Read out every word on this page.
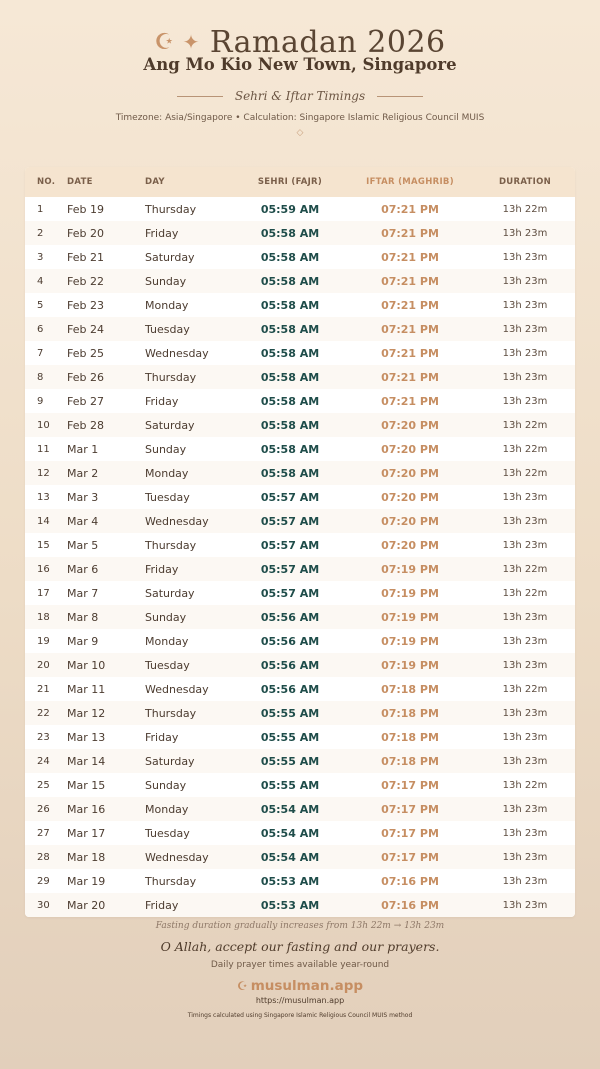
☪ ✦ Ramadan 2026
Ang Mo Kio New Town, Singapore
Sehri & Iftar Timings
Timezone: Asia/Singapore • Calculation: Singapore Islamic Religious Council MUIS
◇
NO.	DATE	DAY	SEHRI (FAJR)	IFTAR (MAGHRIB)	DURATION
1	Feb 19	Thursday	05:59 AM	07:21 PM	13h 22m
2	Feb 20	Friday	05:58 AM	07:21 PM	13h 23m
3	Feb 21	Saturday	05:58 AM	07:21 PM	13h 23m
4	Feb 22	Sunday	05:58 AM	07:21 PM	13h 23m
5	Feb 23	Monday	05:58 AM	07:21 PM	13h 23m
6	Feb 24	Tuesday	05:58 AM	07:21 PM	13h 23m
7	Feb 25	Wednesday	05:58 AM	07:21 PM	13h 23m
8	Feb 26	Thursday	05:58 AM	07:21 PM	13h 23m
9	Feb 27	Friday	05:58 AM	07:21 PM	13h 23m
10	Feb 28	Saturday	05:58 AM	07:20 PM	13h 22m
11	Mar 1	Sunday	05:58 AM	07:20 PM	13h 22m
12	Mar 2	Monday	05:58 AM	07:20 PM	13h 22m
13	Mar 3	Tuesday	05:57 AM	07:20 PM	13h 23m
14	Mar 4	Wednesday	05:57 AM	07:20 PM	13h 23m
15	Mar 5	Thursday	05:57 AM	07:20 PM	13h 23m
16	Mar 6	Friday	05:57 AM	07:19 PM	13h 22m
17	Mar 7	Saturday	05:57 AM	07:19 PM	13h 22m
18	Mar 8	Sunday	05:56 AM	07:19 PM	13h 23m
19	Mar 9	Monday	05:56 AM	07:19 PM	13h 23m
20	Mar 10	Tuesday	05:56 AM	07:19 PM	13h 23m
21	Mar 11	Wednesday	05:56 AM	07:18 PM	13h 22m
22	Mar 12	Thursday	05:55 AM	07:18 PM	13h 23m
23	Mar 13	Friday	05:55 AM	07:18 PM	13h 23m
24	Mar 14	Saturday	05:55 AM	07:18 PM	13h 23m
25	Mar 15	Sunday	05:55 AM	07:17 PM	13h 22m
26	Mar 16	Monday	05:54 AM	07:17 PM	13h 23m
27	Mar 17	Tuesday	05:54 AM	07:17 PM	13h 23m
28	Mar 18	Wednesday	05:54 AM	07:17 PM	13h 23m
29	Mar 19	Thursday	05:53 AM	07:16 PM	13h 23m
30	Mar 20	Friday	05:53 AM	07:16 PM	13h 23m
Fasting duration gradually increases from 13h 22m → 13h 23m
O Allah, accept our fasting and our prayers.
Daily prayer times available year-round
☪ musulman.app
https://musulman.app
Timings calculated using Singapore Islamic Religious Council MUIS method
